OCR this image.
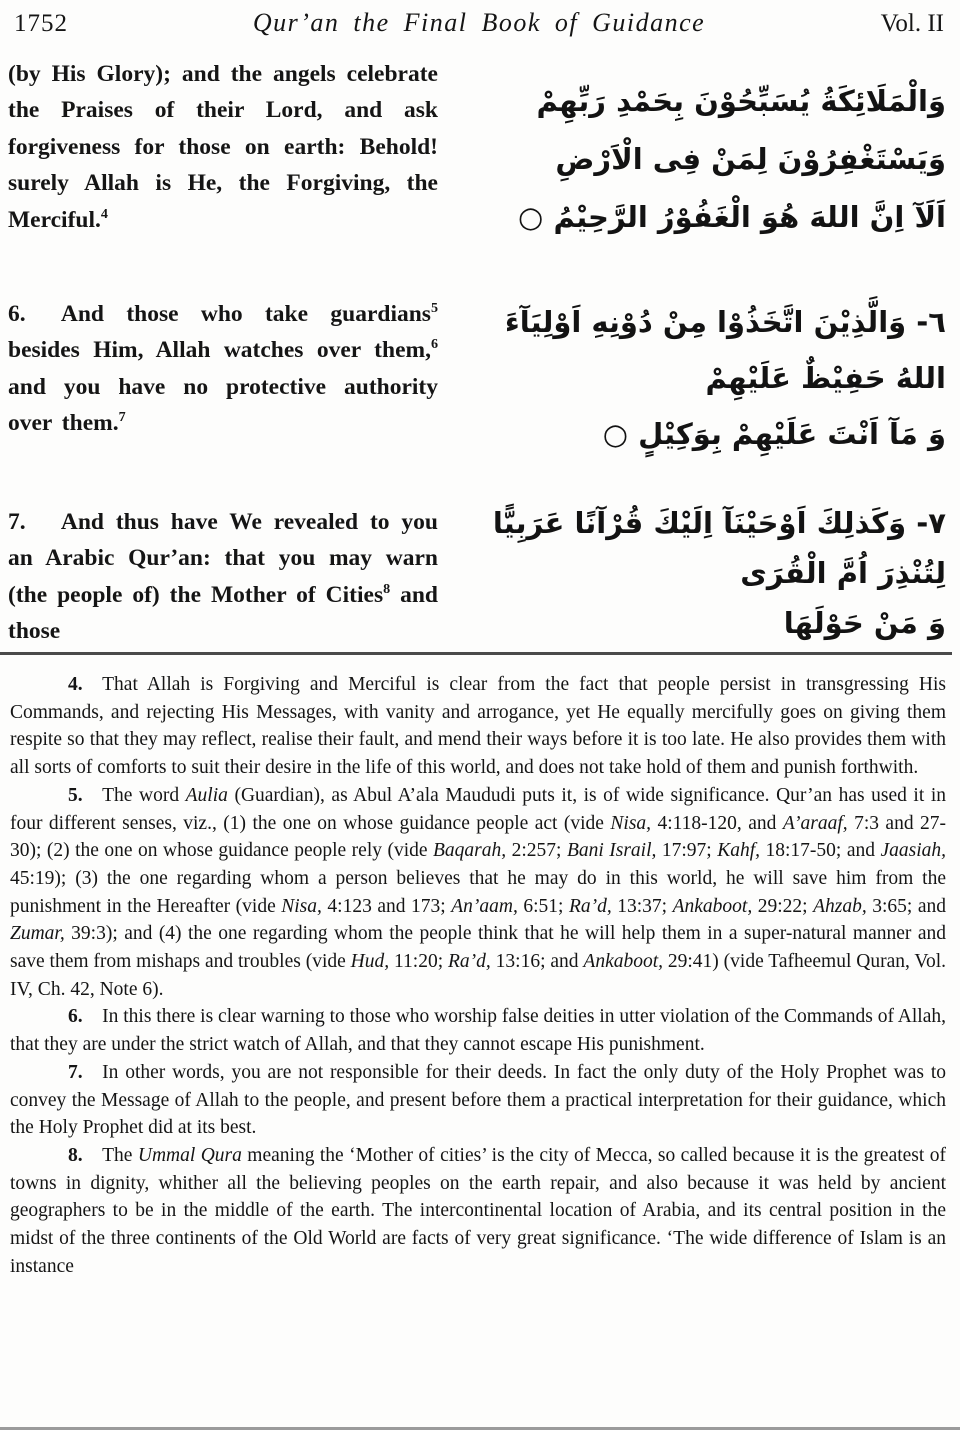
1752	Qur’an the Final Book of Guidance	Vol. II

(by His Glory); and the angels celebrate the Praises of their Lord, and ask forgiveness for those on earth: Behold! surely Allah is He, the Forgiving, the Merciful.$^4$

وَالْمَلَائِكَةُ يُسَبِّحُوْنَ بِحَمْدِ رَبِّهِمْ
وَيَسْتَغْفِرُوْنَ لِمَنْ فِى الْاَرْضِ
اَلَآ اِنَّ اللهَ هُوَ الْغَفُوْرُ الرَّحِيْمُ ○

6.  And those who take guardians$^5$ besides Him, Allah watches over them,$^6$ and you have no protective authority over them.$^7$

٦- وَالَّذِيْنَ اتَّخَذُوْا مِنْ دُوْنِهِ اَوْلِيَآءَ
اللهُ حَفِيْظٌ عَلَيْهِمْ
وَ مَآ اَنْتَ عَلَيْهِمْ بِوَكِيْلٍ ○

7.  And thus have We revealed to you an Arabic Qur’an: that you may warn (the people of) the Mother of Cities$^8$ and those

٧- وَكَذلِكَ اَوْحَيْنَآ اِلَيْكَ قُرْآنًا عَرَبِيًّا
لِتُنْذِرَ اُمَّ الْقُرَى
وَ مَنْ حَوْلَهَا

4. That Allah is Forgiving and Merciful is clear from the fact that people persist in transgressing His Commands, and rejecting His Messages, with vanity and arrogance, yet He equally mercifully goes on giving them respite so that they may reflect, realise their fault, and mend their ways before it is too late. He also provides them with all sorts of comforts to suit their desire in the life of this world, and does not take hold of them and punish forthwith.

5. The word Aulia (Guardian), as Abul A’ala Maududi puts it, is of wide significance. Qur’an has used it in four different senses, viz., (1) the one on whose guidance people act (vide Nisa, 4:118-120, and A’araaf, 7:3 and 27-30); (2) the one on whose guidance people rely (vide Baqarah, 2:257; Bani Israil, 17:97; Kahf, 18:17-50; and Jaasiah, 45:19); (3) the one regarding whom a person believes that he may do in this world, he will save him from the punishment in the Hereafter (vide Nisa, 4:123 and 173; An’aam, 6:51; Ra’d, 13:37; Ankaboot, 29:22; Ahzab, 3:65; and Zumar, 39:3); and (4) the one regarding whom the people think that he will help them in a super-natural manner and save them from mishaps and troubles (vide Hud, 11:20; Ra’d, 13:16; and Ankaboot, 29:41) (vide Tafheemul Quran, Vol. IV, Ch. 42, Note 6).

6. In this there is clear warning to those who worship false deities in utter violation of the Commands of Allah, that they are under the strict watch of Allah, and that they cannot escape His punishment.

7. In other words, you are not responsible for their deeds. In fact the only duty of the Holy Prophet was to convey the Message of Allah to the people, and present before them a practical interpretation for their guidance, which the Holy Prophet did at its best.

8. The Ummal Qura meaning the ‘Mother of cities’ is the city of Mecca, so called because it is the greatest of towns in dignity, whither all the believing peoples on the earth repair, and also because it was held by ancient geographers to be in the middle of the earth. The intercontinental location of Arabia, and its central position in the midst of the three continents of the Old World are facts of very great significance. ‘The wide difference of Islam is an instance
